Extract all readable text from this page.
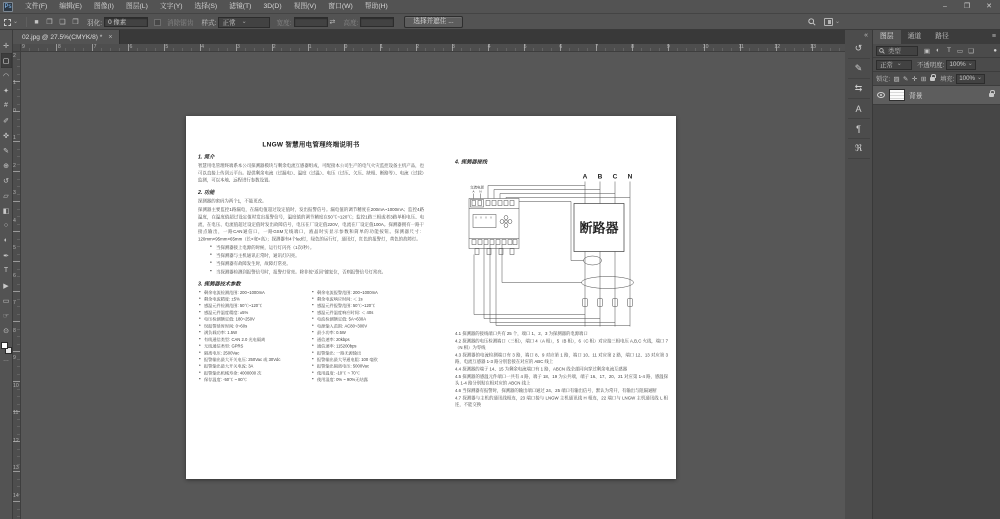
Ps	文件(F)	编辑(E)	图像(I)	图层(L)	文字(Y)	选择(S)	滤镜(T)	3D(D)	视图(V)	窗口(W)	帮助(H)	–	❐	✕
⌄
■	❐ ❑ ❒	羽化: 0 像素	消除锯齿 样式: 正常 ⌄	宽度:	⇄ 高度:	选择并遮住 ...
⌄
✛
▢
◠
✦
#
✐
✜
✎
⊕
↺
▱
◧
○
◐
✒
T
▶
▭
☞
⊙
…
02.jpg @ 27.5%(CMYK/8) * ×
9	8	7	6	5	4	3	2	1	0	1	2	3	4	5	6	7	8	9	10	11	12	13
2
1
0
1
2
3
4
5
6
7
8
9
10
11
12
13
14
LNGW 智慧用电管理终端说明书
1. 简介
智慧用电管理终端系本公司探测器模块与剩余电流互感器组成，可配接本公司生产的电气火灾监控设备主机产品，也可以直接上传到云平台。提供剩余电流（过漏电）、温度（过温）、电压（过压、欠压、缺相、断路等）、电流（过载）监测，可以本地、远程进行参数设置。
2. 功能
探测器的密码为两个1，不能更改。
探测器主要监控1路漏电，在漏电值超过设定值时，发出报警信号。漏电值的调节精度在200mA~1000mA；监控4路温度，在温度值超过设定值时发出报警信号，温度值的调节精度在50℃~120℃；监控1路三相或者3路单相电压、电流，在电压、电流值超过设定值时发出故障信号，电压在厂设定值220V，电流在厂设定值100A。探测器拥有一路干接点输出，一路CAN通信口，一路GSM无线端口，液晶时实显示参数和简单的功能按钮。探测器尺寸：120mm×95mm×65mm（长×宽×高）；探测器有4个led灯，绿色的运行灯，通讯灯，红色的报警灯，黄色的故障灯。
● 当探测器接上电源的时候，运行灯闪亮（1次/秒）。
● 当探测器与主机通讯正常时，通讯灯闪亮。
● 当探测器有故障发生时，故障灯常亮。
● 当探测器检测到报警信号时，报警灯常亮。除非按“返回”键复位，否则报警信号灯常亮。
3. 探测器技术参数
● 剩余电流检测范围: 200~1000mA
● 剩余电流精度: ±5%
● 感温元件检测范围: 50℃~120℃
● 感温元件温度精度: ±5%
● 电压检测额定值: 180~250V
● 误报警延时时间: 0~60s
● 满负载功率: 1.5W
● 有线通信类型: CAN 2.0 光电隔离
● 无线通信类型: GPRS
● 隔离电压: 2500Vac
● 报警输出最大开关电压: 250Vac 或 30Vdc
● 报警输出最大开关电流: 3A
● 报警输出机械寿命: 4000000 次
● 保存温度: -50℃ ~ 80℃
● 剩余电流报警范围: 200~1000mA
● 剩余电流响应时间: ＜ 1s
● 感温元件报警范围: 50℃~120℃
● 感温元件温度响应时间: ＜ 40s
● 电流检测额定值: 5A~630A
● 电源输入范围: AC80~300V
● 最小功率: 0.5W
● 通信速率: 20kbps
● 通信速率: 115200bps
● 报警输出: 一路无源输出
● 报警输出最大导通电阻: 100 毫欧
● 报警输出隔离电压: 5000Vac
● 使用温度: -10℃ ~ 70℃
● 使用湿度: 0% ~ 90%无结露
4. 探测器接线
A B C N
断路器
交流电源
A N
4.1 探测器的接线端口共有 25 个，端口 1、2、3 为探测器的电源端口
4.2 探测器的电压检测端口（三相），端口 4（A 相），5（B 相），6（C 相）对应接三相电压 A,B,C 火线，端口 7（N 相）为零线
4.3 探测器的电流检测端口有 3 路，端口 8、9 对应第 1 路，端口 10、11 对应第 2 路，端口 12、13 对应第 3 路，电流互感器 1-3 路分别套接在对应的 ABC 线上
4.4 探测器的端子 14、15 为剩余电流端口有 1 路，ABCN 线全部同向穿过剩余电流互感器
4.5 探测器的感温元件端口一共有 4 路，端子 18、19 为公共端，端子 16、17、20、21 对应第 1-4 路，感温探头 1-4 路分别贴在相对应的 ABCN 线上
4.6 当探测器有报警时，探测器的输出端口通过 24、25 端口有输出信号，默认为常开，有输出与阻隔通断
4.7 探测器与主机的通讯线相连，23 端口接与 LNGW 主机通讯线 H 相连，22 端口与 LNGW 主机通讯线 L 相连，不能交换
«
↺
✎
⇆
A
¶
ℜ
图层	通道	路径	≡
类型	▣ ◐	T ▭ ❏	●
正常 ⌄	不透明度: 100%
⌄
锁定: ▨ ✎ ✛ ⊞ 填充: 100%
⌄
背景
